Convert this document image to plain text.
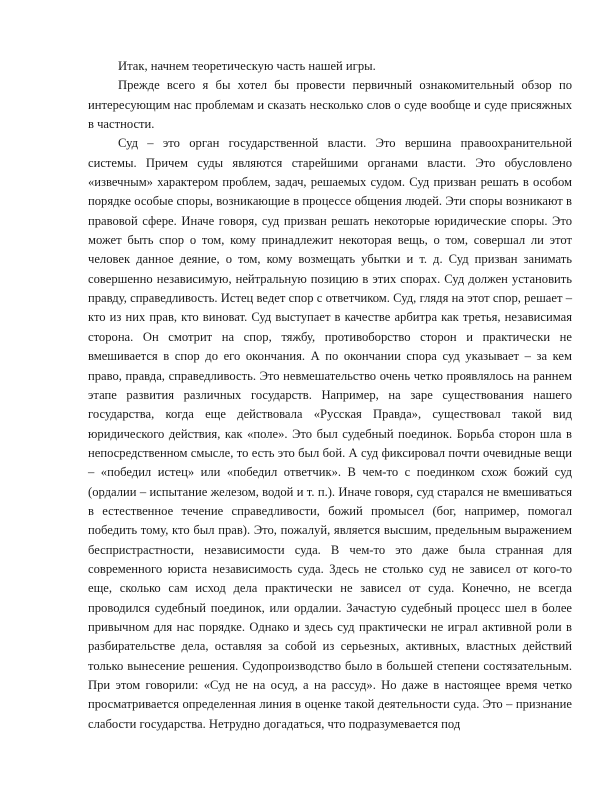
Итак, начнем теоретическую часть нашей игры.

Прежде всего я бы хотел бы провести первичный ознакомительный обзор по интересующим нас проблемам и сказать несколько слов о суде вообще и суде присяжных в частности.

Суд – это орган государственной власти. Это вершина правоохранительной системы. Причем суды являются старейшими органами власти. Это обусловлено «извечным» характером проблем, задач, решаемых судом. Суд призван решать в особом порядке особые споры, возникающие в процессе общения людей. Эти споры возникают в правовой сфере. Иначе говоря, суд призван решать некоторые юридические споры. Это может быть спор о том, кому принадлежит некоторая вещь, о том, совершал ли этот человек данное деяние, о том, кому возмещать убытки и т. д. Суд призван занимать совершенно независимую, нейтральную позицию в этих спорах. Суд должен установить правду, справедливость. Истец ведет спор с ответчиком. Суд, глядя на этот спор, решает – кто из них прав, кто виноват. Суд выступает в качестве арбитра как третья, независимая сторона. Он смотрит на спор, тяжбу, противоборство сторон и практически не вмешивается в спор до его окончания. А по окончании спора суд указывает – за кем право, правда, справедливость. Это невмешательство очень четко проявлялось на раннем этапе развития различных государств. Например, на заре существования нашего государства, когда еще действовала «Русская Правда», существовал такой вид юридического действия, как «поле». Это был судебный поединок. Борьба сторон шла в непосредственном смысле, то есть это был бой. А суд фиксировал почти очевидные вещи – «победил истец» или «победил ответчик». В чем-то с поединком схож божий суд (ордалии – испытание железом, водой и т. п.). Иначе говоря, суд старался не вмешиваться в естественное течение справедливости, божий промысел (бог, например, помогал победить тому, кто был прав). Это, пожалуй, является высшим, предельным выражением беспристрастности, независимости суда. В чем-то это даже была странная для современного юриста независимость суда. Здесь не столько суд не зависел от кого-то еще, сколько сам исход дела практически не зависел от суда. Конечно, не всегда проводился судебный поединок, или ордалии. Зачастую судебный процесс шел в более привычном для нас порядке. Однако и здесь суд практически не играл активной роли в разбирательстве дела, оставляя за собой из серьезных, активных, властных действий только вынесение решения. Судопроизводство было в большей степени состязательным. При этом говорили: «Суд не на осуд, а на рассуд». Но даже в настоящее время четко просматривается определенная линия в оценке такой деятельности суда. Это – признание слабости государства. Нетрудно догадаться, что подразумевается под
